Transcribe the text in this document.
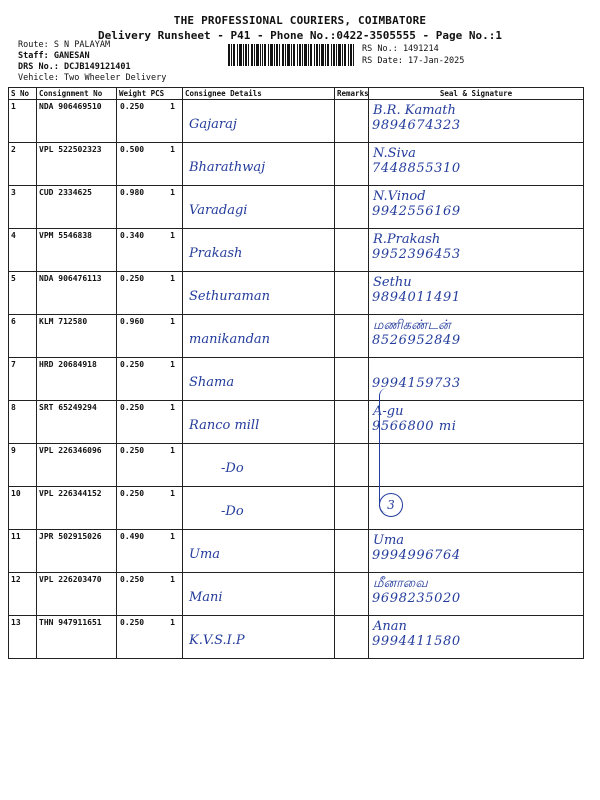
THE PROFESSIONAL COURIERS, COIMBATORE
Delivery Runsheet - P41 - Phone No.:0422-3505555 - Page No.:1
Route: S N PALAYAM
Staff: GANESAN
DRS No.: DCJB149121401
Vehicle: Two Wheeler Delivery
RS No.: 1491214
RS Date: 17-Jan-2025
S No	Consignment No	Weight PCS	Consignee Details	Remarks	Seal & Signature
1	NDA 906469510	0.250 1	Gajaraj		B.R. Kamath
9894674323

2	VPL 522502323	0.500 1	Bharathwaj		N.Siva
7448855310

3	CUD 2334625	0.980 1	Varadagi		N.Vinod
9942556169

4	VPM 5546838	0.340 1	Prakash		R.Prakash
9952396453

5	NDA 906476113	0.250 1	Sethuraman		Sethu
9894011491

6	KLM 712580	0.960 1	manikandan		மணிகண்டன்
8526952849

7	HRD 20684918	0.250 1	Shama		9994159733

8	SRT 65249294	0.250 1	Ranco mill		A-gu
9566800 mi

9	VPL 226346096	0.250 1	-Do		

10	VPL 226344152	0.250 1	-Do		3

11	JPR 502915026	0.490 1	Uma		Uma
9994996764

12	VPL 226203470	0.250 1	Mani		மீனாவை
9698235020

13	THN 947911651	0.250 1	K.V.S.I.P		Anan
9994411580
